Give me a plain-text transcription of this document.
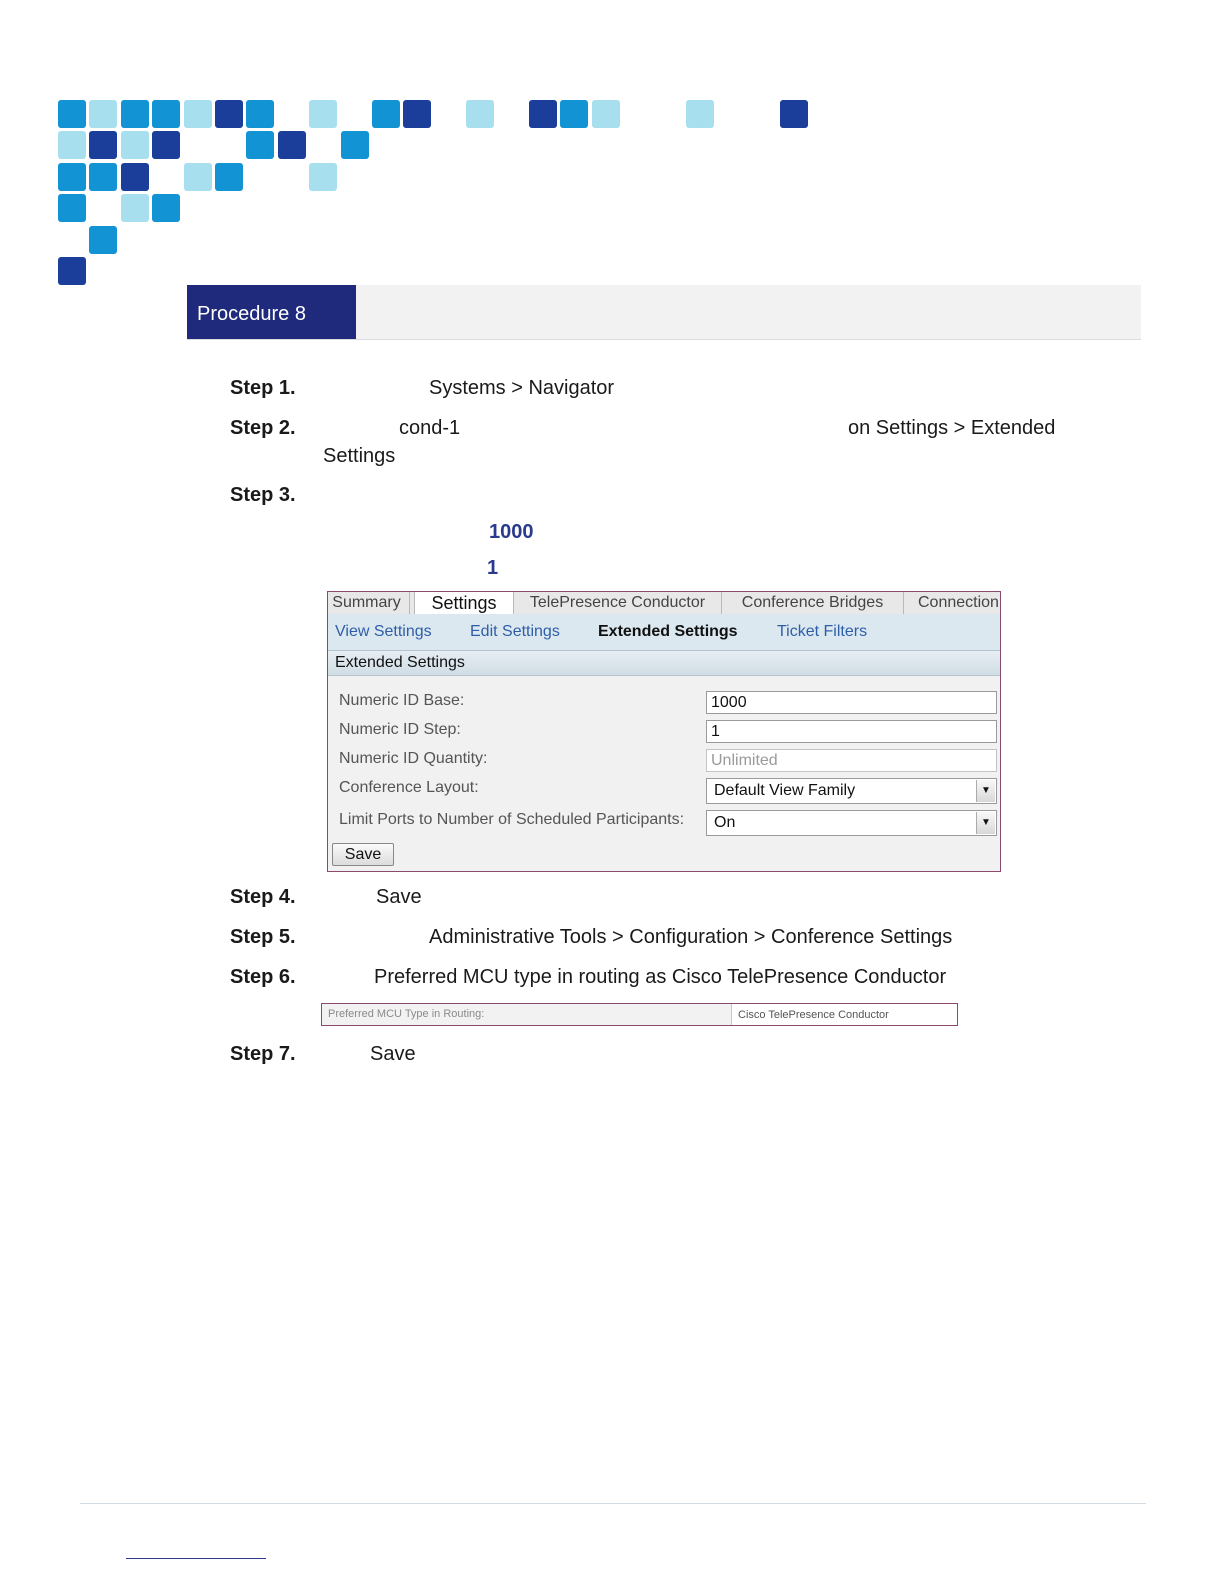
Procedure 8
Step 1.	Systems > Navigator
Step 2.	cond-1	on Settings > Extended
Settings
Step 3.
1000
1
Summary	Settings	TelePresence Conductor	Conference Bridges	Connection
View Settings Edit Settings Extended Settings Ticket Filters
Extended Settings
Numeric ID Base:	1000
Numeric ID Step:	1
Numeric ID Quantity:	Unlimited
Conference Layout:	Default View Family	▼
Limit Ports to Number of Scheduled Participants:	On	▼
Save
Step 4.	Save
Step 5.	Administrative Tools > Configuration > Conference Settings
Step 6.	Preferred MCU type in routing as Cisco TelePresence Conductor
Preferred MCU Type in Routing:	Cisco TelePresence Conductor
Step 7.	Save
